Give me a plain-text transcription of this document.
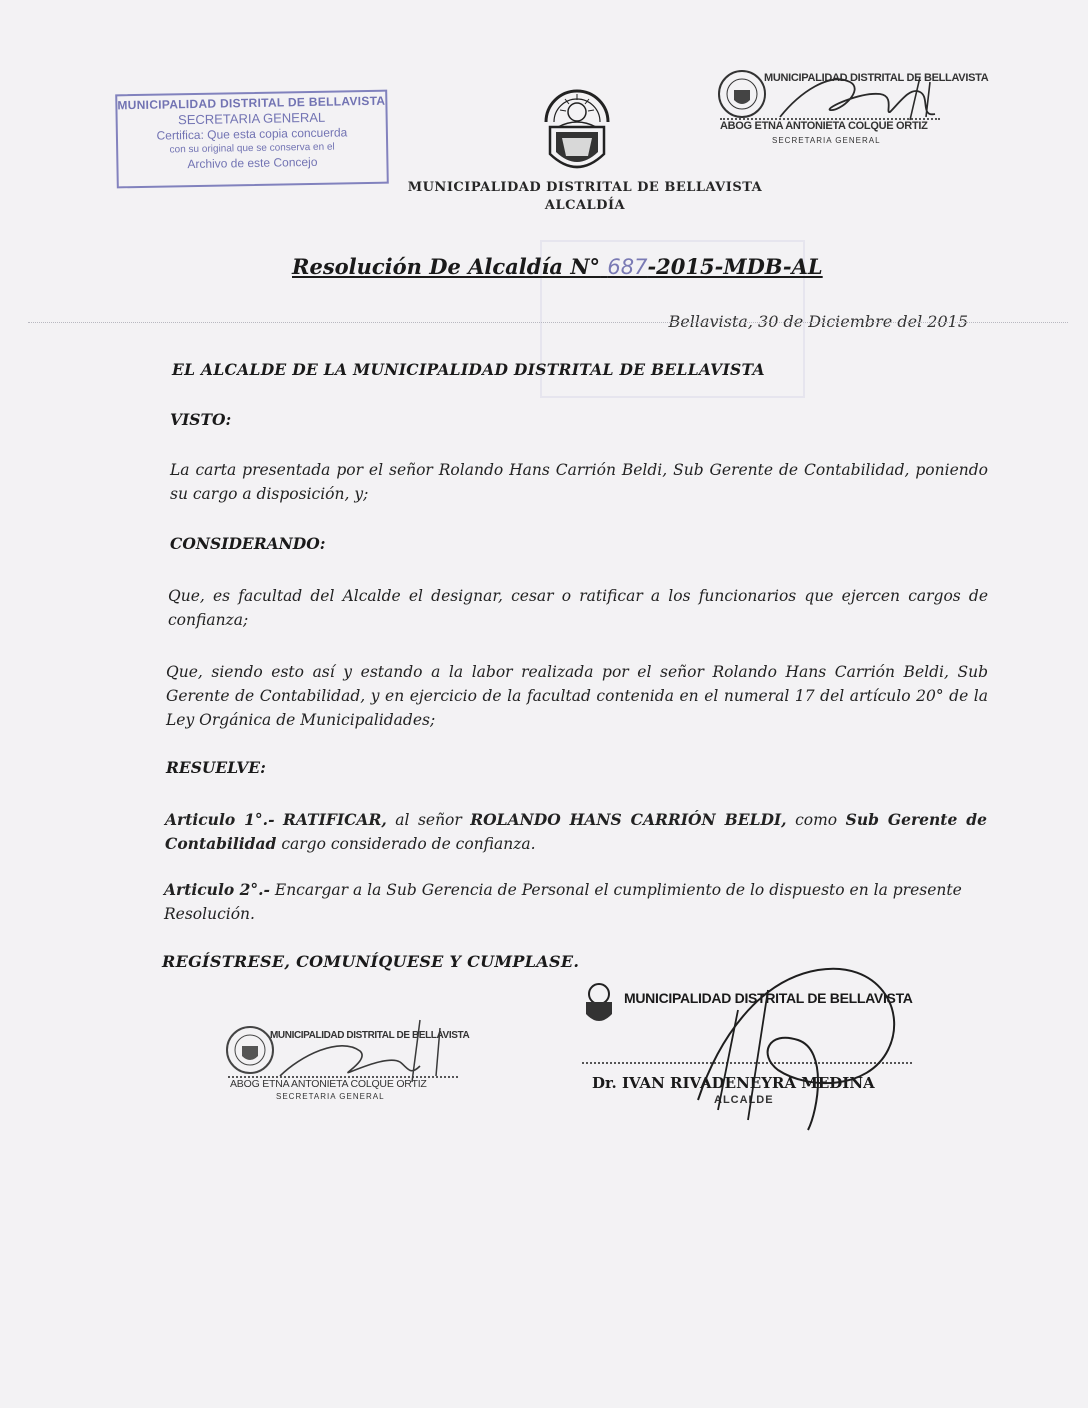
MUNICIPALIDAD DISTRITAL DE BELLAVISTA
SECRETARIA GENERAL
Certifica: Que esta copia concuerda
con su original que se conserva en el
Archivo de este Concejo
MUNICIPALIDAD DISTRITAL DE BELLAVISTA
ALCALDÍA
MUNICIPALIDAD DISTRITAL DE BELLAVISTA
ABOG ETNA ANTONIETA COLQUE ORTIZ
SECRETARIA GENERAL
Resolución De Alcaldía N° 687-2015-MDB-AL
Bellavista, 30 de Diciembre del 2015
EL ALCALDE DE LA MUNICIPALIDAD DISTRITAL DE BELLAVISTA
VISTO:
La carta presentada por el señor Rolando Hans Carrión Beldi, Sub Gerente de Contabilidad, poniendo su cargo a disposición, y;
CONSIDERANDO:
Que, es facultad del Alcalde el designar, cesar o ratificar a los funcionarios que ejercen cargos de confianza;
Que, siendo esto así y estando a la labor realizada por el señor Rolando Hans Carrión Beldi, Sub Gerente de Contabilidad, y en ejercicio de la facultad contenida en el numeral 17 del artículo 20° de la Ley Orgánica de Municipalidades;
RESUELVE:
Articulo 1°.- RATIFICAR, al señor ROLANDO HANS CARRIÓN BELDI, como Sub Gerente de Contabilidad cargo considerado de confianza.
Articulo 2°.- Encargar a la Sub Gerencia de Personal el cumplimiento de lo dispuesto en la presente Resolución.
REGÍSTRESE, COMUNÍQUESE Y CUMPLASE.
MUNICIPALIDAD DISTRITAL DE BELLAVISTA
ABOG ETNA ANTONIETA COLQUE ORTIZ
SECRETARIA GENERAL
MUNICIPALIDAD DISTRITAL DE BELLAVISTA
Dr. IVAN RIVADENEYRA MEDINA
ALCALDE
